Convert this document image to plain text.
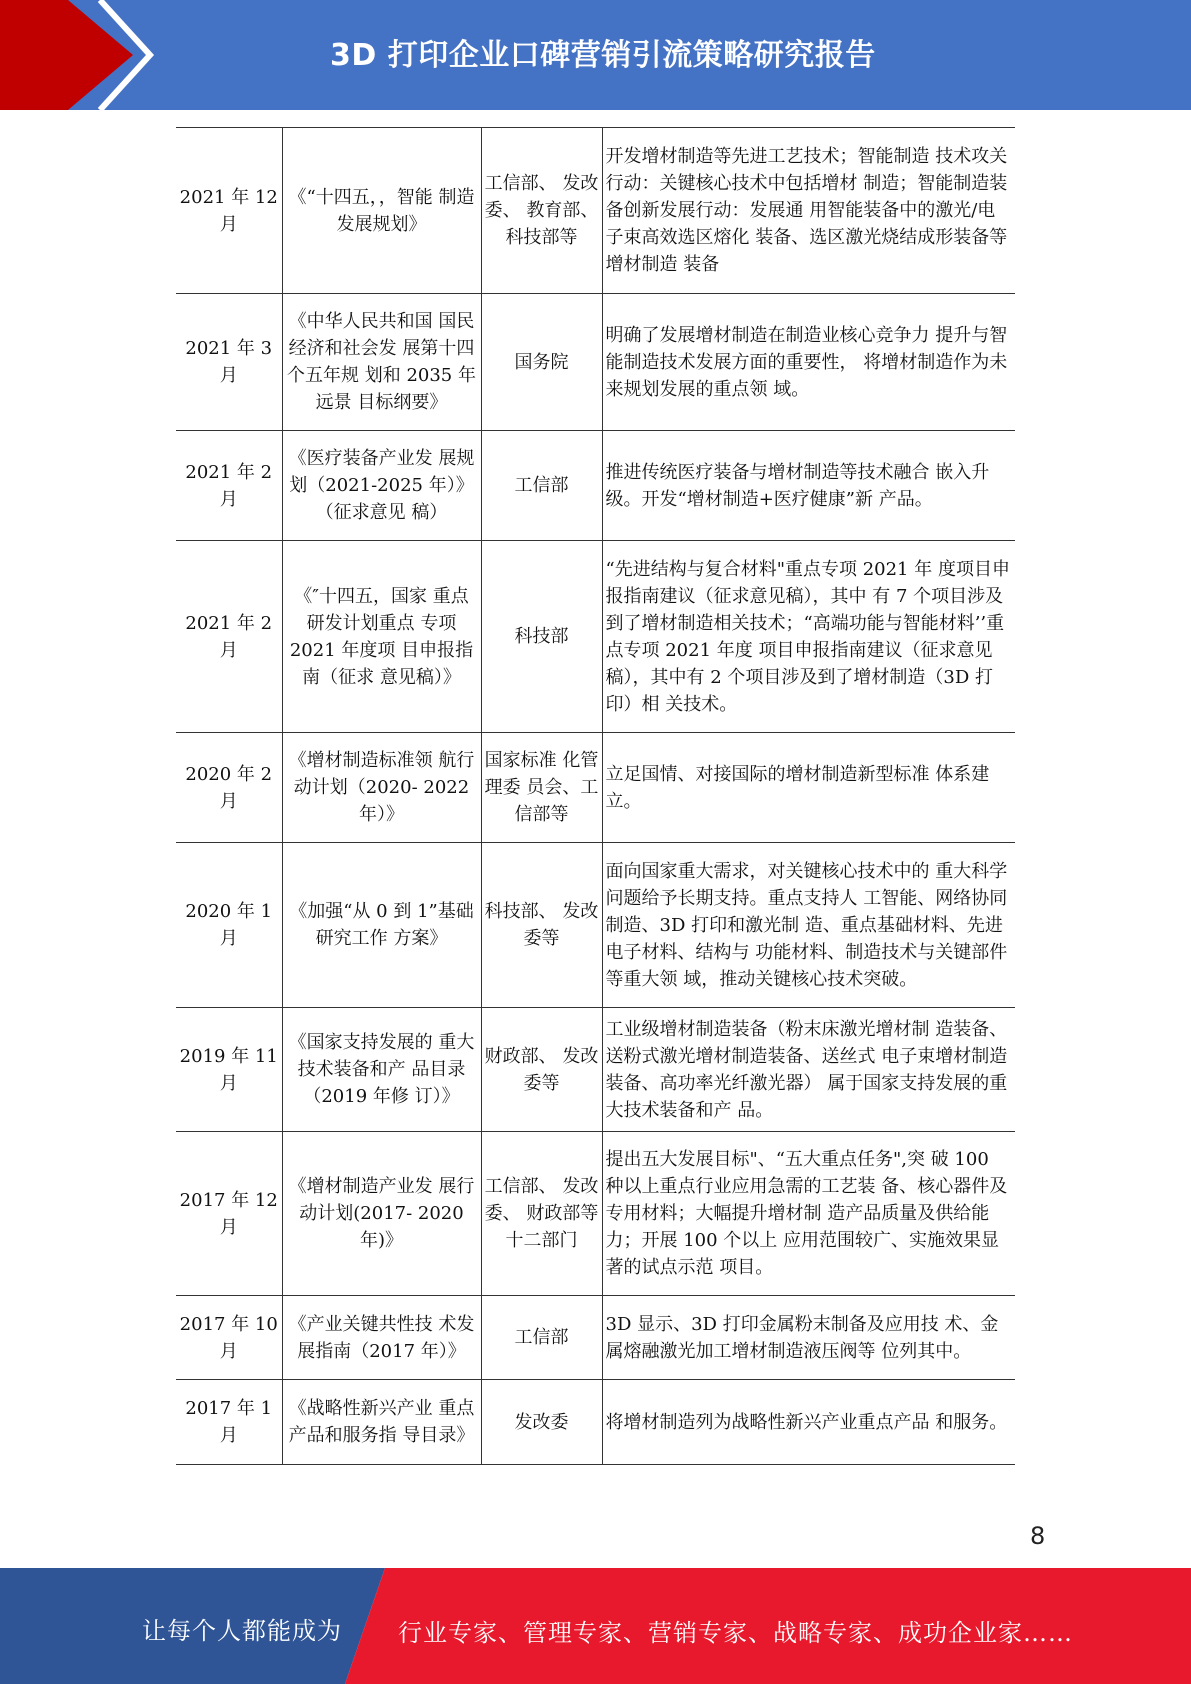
3D 打印企业口碑营销引流策略研究报告
2021 年 12 月	《“十四五，，智能 制造发展规划》	工信部、 发改委、 教育部、 科技部等	开发增材制造等先进工艺技术；智能制造 技术攻关行动：关键核心技术中包括增材 制造；智能制造装备创新发展行动：发展通 用智能装备中的激光/电子束高效选区熔化 装备、选区激光烧结成形装备等增材制造 装备
2021 年 3 月	《中华人民共和国 国民经济和社会发 展第十四个五年规 划和 2035 年远景 目标纲要》	国务院	明确了发展增材制造在制造业核心竞争力 提升与智能制造技术发展方面的重要性， 将增材制造作为未来规划发展的重点领 域。
2021 年 2 月	《医疗装备产业发 展规划（2021-2025 年）》（征求意见 稿）	工信部	推进传统医疗装备与增材制造等技术融合 嵌入升级。开发“增材制造+医疗健康”新 产品。
2021 年 2 月	《″十四五，国家 重点研发计划重点 专项 2021 年度项 目申报指南（征求 意见稿）》	科技部	“先进结构与复合材料"重点专项 2021 年 度项目申报指南建议（征求意见稿），其中 有 7 个项目涉及到了增材制造相关技术；“高端功能与智能材料’’重点专项 2021 年度 项目申报指南建议（征求意见稿），其中有 2 个项目涉及到了增材制造（3D 打印）相 关技术。
2020 年 2 月	《增材制造标准领 航行动计划（2020- 2022 年）》	国家标准 化管理委 员会、工 信部等	立足国情、对接国际的增材制造新型标准 体系建立。
2020 年 1 月	《加强“从 0 到 1”基础研究工作 方案》	科技部、 发改委等	面向国家重大需求，对关键核心技术中的 重大科学问题给予长期支持。重点支持人 工智能、网络协同制造、3D 打印和激光制 造、重点基础材料、先进电子材料、结构与 功能材料、制造技术与关键部件等重大领 域，推动关键核心技术突破。
2019 年 11 月	《国家支持发展的 重大技术装备和产 品目录（2019 年修 订）》	财政部、 发改委等	工业级增材制造装备（粉末床激光增材制 造装备、送粉式激光增材制造装备、送丝式 电子束增材制造装备、高功率光纤激光器） 属于国家支持发展的重大技术装备和产 品。
2017 年 12 月	《增材制造产业发 展行动计划(2017- 2020 年)》	工信部、 发改委、 财政部等 十二部门	提出五大发展目标"、“五大重点任务",突 破 100 种以上重点行业应用急需的工艺装 备、核心器件及专用材料；大幅提升增材制 造产品质量及供给能力；开展 100 个以上 应用范围较广、实施效果显著的试点示范 项目。
2017 年 10 月	《产业关键共性技 术发展指南（2017 年）》	工信部	3D 显示、3D 打印金属粉末制备及应用技 术、金属熔融激光加工增材制造液压阀等 位列其中。
2017 年 1 月	《战略性新兴产业 重点产品和服务指 导目录》	发改委	将增材制造列为战略性新兴产业重点产品 和服务。
8
让每个人都能成为 行业专家、管理专家、营销专家、战略专家、成功企业家……
